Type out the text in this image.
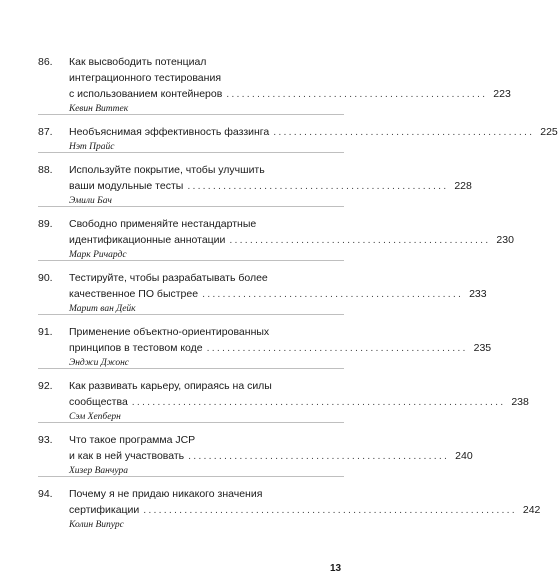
86. Как высвободить потенциал
интеграционного тестирования
с использованием контейнеров ................................................... 223
Кевин Виттек
87. Необъяснимая эффективность фаззинга ................................................... 225
Нэт Прайс
88. Используйте покрытие, чтобы улучшить
ваши модульные тесты ................................................... 228
Эмили Бач
89. Свободно применяйте нестандартные
идентификационные аннотации ................................................... 230
Марк Ричардс
90. Тестируйте, чтобы разрабатывать более
качественное ПО быстрее ................................................... 233
Марит ван Дейк
91. Применение объектно-ориентированных
принципов в тестовом коде ................................................... 235
Энджи Джонс
92. Как развивать карьеру, опираясь на силы
сообщества ......................................................................... 238
Сэм Хепберн
93. Что такое программа JCP
и как в ней участвовать ................................................... 240
Хизер Ванчура
94. Почему я не придаю никакого значения
сертификации ......................................................................... 242
Колин Випурс
13
